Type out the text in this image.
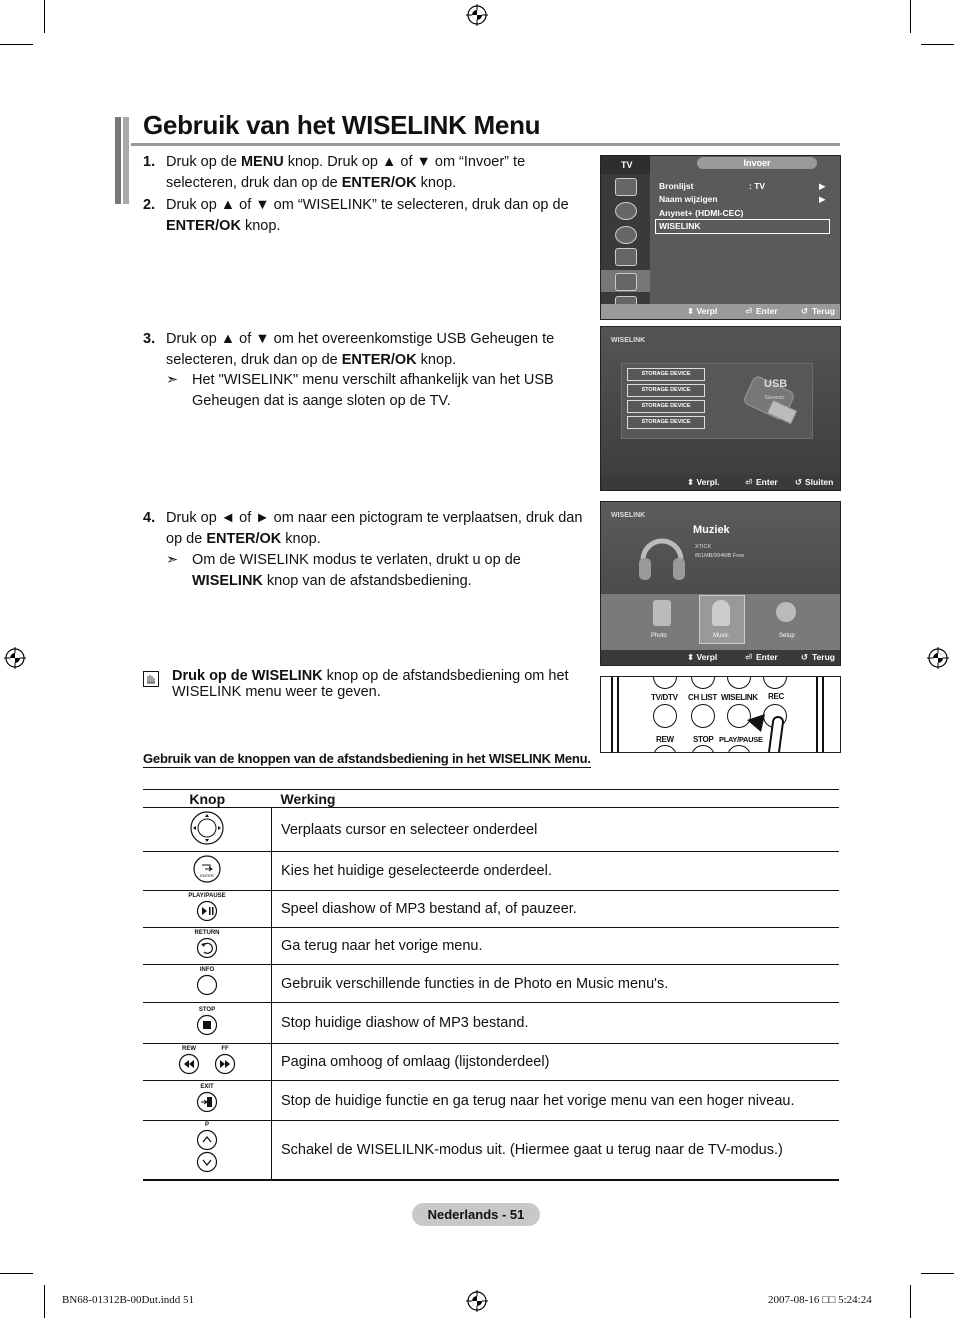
Gebruik van het WISELINK Menu
1. Druk op de MENU knop. Druk op ▲ of ▼ om “Invoer” te selecteren, druk dan op de ENTER/OK knop.
2. Druk op ▲ of ▼ om “WISELINK” te selecteren, druk dan op de ENTER/OK knop.
3. Druk op ▲ of ▼ om het overeenkomstige USB Geheugen te selecteren, druk dan op de ENTER/OK knop.
➣ Het "WISELINK" menu verschilt afhankelijk van het USB Geheugen dat is aange sloten op de TV.
4. Druk op ◄ of ► om naar een pictogram te verplaatsen, druk dan op de ENTER/OK knop.
➣ Om de WISELINK modus te verlaten, drukt u op de WISELINK knop van de afstandsbediening.
Druk op de WISELINK knop op de afstandsbediening om het WISELINK menu weer te geven.
TV	Invoer
Bronlijst	: TV	▶
Naam wijzigen	▶
Anynet+ (HDMI-CEC)
WISELINK
⬍ Verpl	⏎ Enter	↺ Terug
WISELINK
STORAGE DEVICE
STORAGE DEVICE
STORAGE DEVICE
STORAGE DEVICE
USB
Generic
⬍ Verpl.	⏎ Enter ↺ Sluiten
WISELINK
Muziek
XTICK
861MB/994MB Free
Photo	Music	Setup
⬍ Verpl	⏎ Enter	↺ Terug
TV/DTV CH LIST WISELINK REC
REW STOP PLAY/PAUSE
Gebruik van de knoppen van de afstandsbediening in het WISELINK Menu.
Knop	Werking
	Verplaats cursor en selecteer onderdeel

ENTER	Kies het huidige geselecteerde onderdeel.

PLAY/PAUSE	Speel diashow of MP3 bestand af, of pauzeer.

RETURN	Ga terug naar het vorige menu.

INFO	Gebruik verschillende functies in de Photo en Music menu's.

STOP	Stop huidige diashow of MP3 bestand.

REW
FF	Pagina omhoog of omlaag (lijstonderdeel)

EXIT	Stop de huidige functie en ga terug naar het vorige menu van een hoger niveau.

P	Schakel de WISELILNK-modus uit. (Hiermee gaat u terug naar de TV-modus.)
Nederlands - 51
BN68-01312B-00Dut.indd 51	2007-08-16 □□ 5:24:24
